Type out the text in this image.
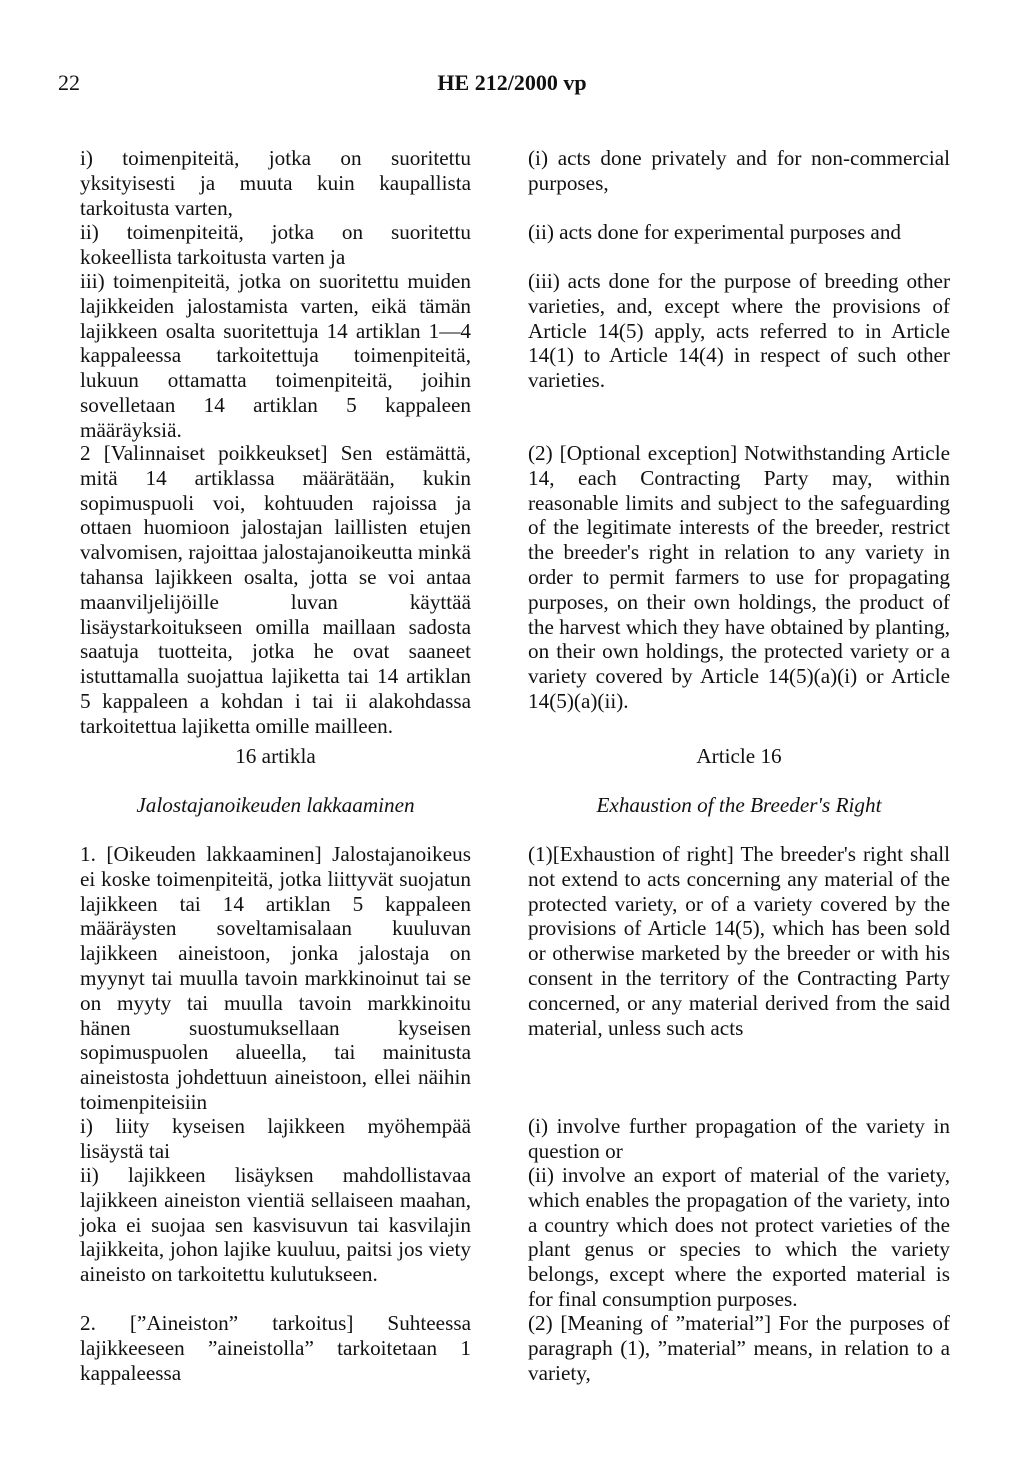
22	HE 212/2000 vp

i) toimenpiteitä, jotka on suoritettu yksityisesti ja muuta kuin kaupallista tarkoitusta varten,

ii) toimenpiteitä, jotka on suoritettu kokeellista tarkoitusta varten ja

iii) toimenpiteitä, jotka on suoritettu muiden lajikkeiden jalostamista varten, eikä tämän lajikkeen osalta suoritettuja 14 artiklan 1—4 kappaleessa tarkoitettuja toimenpiteitä, lukuun ottamatta toimenpiteitä, joihin sovelletaan 14 artiklan 5 kappaleen määräyksiä.

2 [Valinnaiset poikkeukset] Sen estämättä, mitä 14 artiklassa määrätään, kukin sopimuspuoli voi, kohtuuden rajoissa ja ottaen huomioon jalostajan laillisten etujen valvomisen, rajoittaa jalostajanoikeutta minkä tahansa lajikkeen osalta, jotta se voi antaa maanviljelijöille luvan käyttää lisäystarkoitukseen omilla maillaan sadosta saatuja tuotteita, jotka he ovat saaneet istuttamalla suojattua lajiketta tai 14 artiklan 5 kappaleen a kohdan i tai ii alakohdassa tarkoitettua lajiketta omille mailleen.

16 artikla

Jalostajanoikeuden lakkaaminen

1. [Oikeuden lakkaaminen] Jalostajanoikeus ei koske toimenpiteitä, jotka liittyvät suojatun lajikkeen tai 14 artiklan 5 kappaleen määräysten soveltamisalaan kuuluvan lajikkeen aineistoon, jonka jalostaja on myynyt tai muulla tavoin markkinoinut tai se on myyty tai muulla tavoin markkinoitu hänen suostumuksellaan kyseisen sopimuspuolen alueella, tai mainitusta aineistosta johdettuun aineistoon, ellei näihin toimenpiteisiin

i) liity kyseisen lajikkeen myöhempää lisäystä tai

ii) lajikkeen lisäyksen mahdollistavaa lajikkeen aineiston vientiä sellaiseen maahan, joka ei suojaa sen kasvisuvun tai kasvilajin lajikkeita, johon lajike kuuluu, paitsi jos viety aineisto on tarkoitettu kulutukseen.

2. [”Aineiston” tarkoitus] Suhteessa lajikkeeseen ”aineistolla” tarkoitetaan 1 kappaleessa

(i) acts done privately and for non-commercial purposes,

(ii) acts done for experimental purposes and

(iii) acts done for the purpose of breeding other varieties, and, except where the provisions of Article 14(5) apply, acts referred to in Article 14(1) to Article 14(4) in respect of such other varieties.

(2) [Optional exception] Notwithstanding Article 14, each Contracting Party may, within reasonable limits and subject to the safeguarding of the legitimate interests of the breeder, restrict the breeder's right in relation to any variety in order to permit farmers to use for propagating purposes, on their own holdings, the product of the harvest which they have obtained by planting, on their own holdings, the protected variety or a variety covered by Article 14(5)(a)(i) or Article 14(5)(a)(ii).

Article 16

Exhaustion of the Breeder's Right

(1)[Exhaustion of right] The breeder's right shall not extend to acts concerning any material of the protected variety, or of a variety covered by the provisions of Article 14(5), which has been sold or otherwise marketed by the breeder or with his consent in the territory of the Contracting Party concerned, or any material derived from the said material, unless such acts

(i) involve further propagation of the variety in question or

(ii) involve an export of material of the variety, which enables the propagation of the variety, into a country which does not protect varieties of the plant genus or species to which the variety belongs, except where the exported material is for final consumption purposes.

(2) [Meaning of ”material”] For the purposes of paragraph (1), ”material” means, in relation to a variety,
